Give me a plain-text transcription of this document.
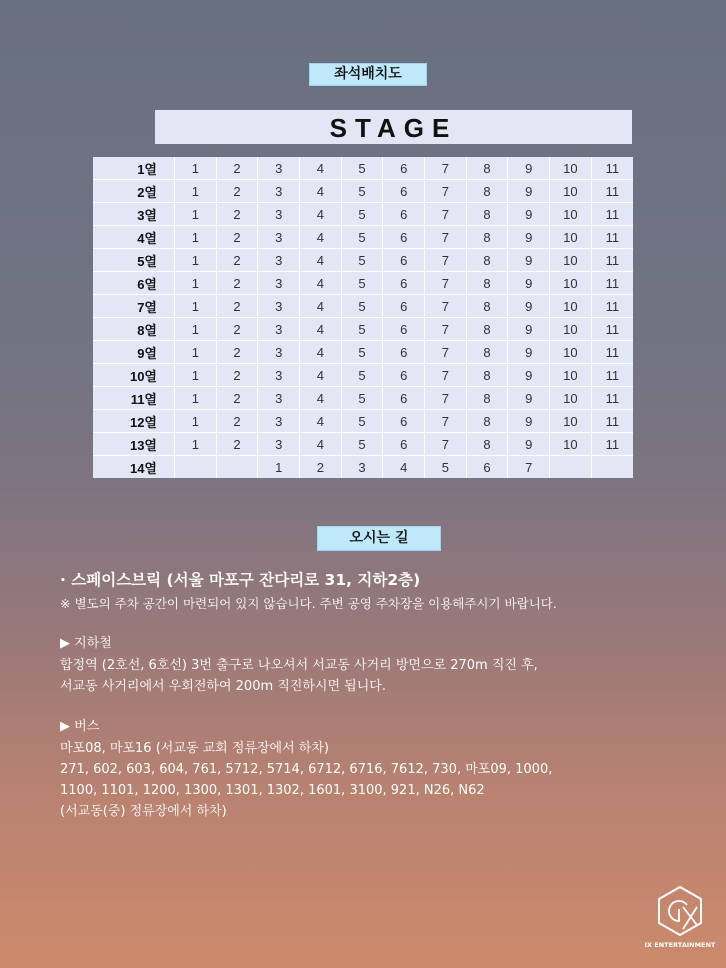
좌석배치도
STAGE
1열	1	2	3	4	5	6	7	8	9	10	11
2열	1	2	3	4	5	6	7	8	9	10	11
3열	1	2	3	4	5	6	7	8	9	10	11
4열	1	2	3	4	5	6	7	8	9	10	11
5열	1	2	3	4	5	6	7	8	9	10	11
6열	1	2	3	4	5	6	7	8	9	10	11
7열	1	2	3	4	5	6	7	8	9	10	11
8열	1	2	3	4	5	6	7	8	9	10	11
9열	1	2	3	4	5	6	7	8	9	10	11
10열	1	2	3	4	5	6	7	8	9	10	11
11열	1	2	3	4	5	6	7	8	9	10	11
12열	1	2	3	4	5	6	7	8	9	10	11
13열	1	2	3	4	5	6	7	8	9	10	11
14열			1	2	3	4	5	6	7		
오시는 길
· 스페이스브릭 (서울 마포구 잔다리로 31, 지하2층)
※ 별도의 주차 공간이 마련되어 있지 않습니다. 주변 공영 주차장을 이용해주시기 바랍니다.
▶ 지하철
합정역 (2호선, 6호선) 3번 출구로 나오셔서 서교동 사거리 방면으로 270m 직진 후,
서교동 사거리에서 우회전하여 200m 직진하시면 됩니다.
▶ 버스
마포08, 마포16 (서교동 교회 정류장에서 하차)
271, 602, 603, 604, 761, 5712, 5714, 6712, 6716, 7612, 730, 마포09, 1000,
1100, 1101, 1200, 1300, 1301, 1302, 1601, 3100, 921, N26, N62
(서교동(중) 정류장에서 하차)
IX ENTERTAINMENT
